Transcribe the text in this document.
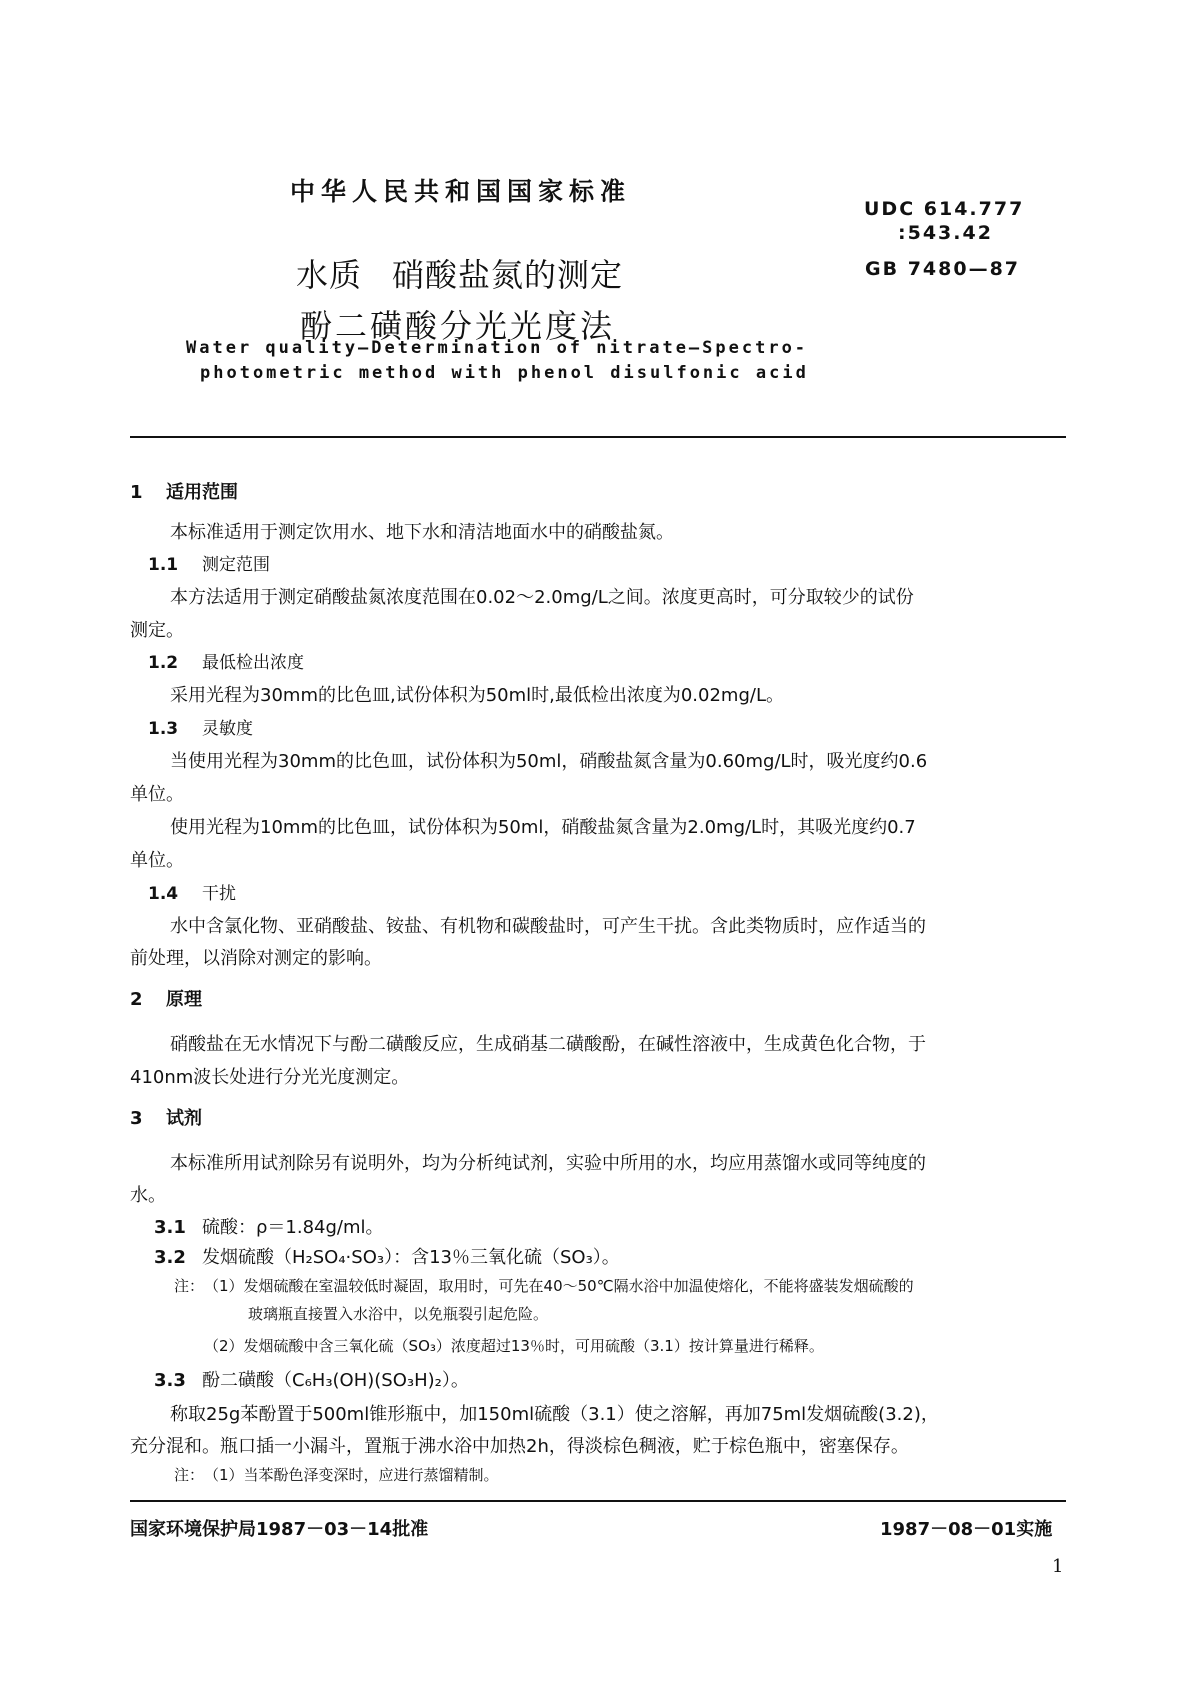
中华人民共和国国家标准
UDC 614.777
:543.42
GB 7480—87
水质 硝酸盐氮的测定
酚二磺酸分光光度法
Water quality—Determination of nitrate—Spectro-
photometric method with phenol disulfonic acid
1 适用范围
本标准适用于测定饮用水、地下水和清洁地面水中的硝酸盐氮。
1.1 测定范围
本方法适用于测定硝酸盐氮浓度范围在0.02～2.0mg/L之间。浓度更高时，可分取较少的试份
测定。
1.2 最低检出浓度
采用光程为30mm的比色皿,试份体积为50ml时,最低检出浓度为0.02mg/L。
1.3 灵敏度
当使用光程为30mm的比色皿，试份体积为50ml，硝酸盐氮含量为0.60mg/L时，吸光度约0.6
单位。
使用光程为10mm的比色皿，试份体积为50ml，硝酸盐氮含量为2.0mg/L时，其吸光度约0.7
单位。
1.4 干扰
水中含氯化物、亚硝酸盐、铵盐、有机物和碳酸盐时，可产生干扰。含此类物质时，应作适当的
前处理，以消除对测定的影响。
2 原理
硝酸盐在无水情况下与酚二磺酸反应，生成硝基二磺酸酚，在碱性溶液中，生成黄色化合物，于
410nm波长处进行分光光度测定。
3 试剂
本标准所用试剂除另有说明外，均为分析纯试剂，实验中所用的水，均应用蒸馏水或同等纯度的
水。
3.1 硫酸：ρ＝1.84g/ml。
3.2 发烟硫酸（H₂SO₄·SO₃）：含13％三氧化硫（SO₃）。
注：（1）发烟硫酸在室温较低时凝固，取用时，可先在40～50℃隔水浴中加温使熔化，不能将盛装发烟硫酸的
玻璃瓶直接置入水浴中，以免瓶裂引起危险。
（2）发烟硫酸中含三氧化硫（SO₃）浓度超过13％时，可用硫酸（3.1）按计算量进行稀释。
3.3 酚二磺酸（C₆H₃(OH)(SO₃H)₂）。
称取25g苯酚置于500ml锥形瓶中，加150ml硫酸（3.1）使之溶解，再加75ml发烟硫酸(3.2)，
充分混和。瓶口插一小漏斗，置瓶于沸水浴中加热2h，得淡棕色稠液，贮于棕色瓶中，密塞保存。
注：（1）当苯酚色泽变深时，应进行蒸馏精制。
国家环境保护局1987－03－14批准	1987－08－01实施
1
